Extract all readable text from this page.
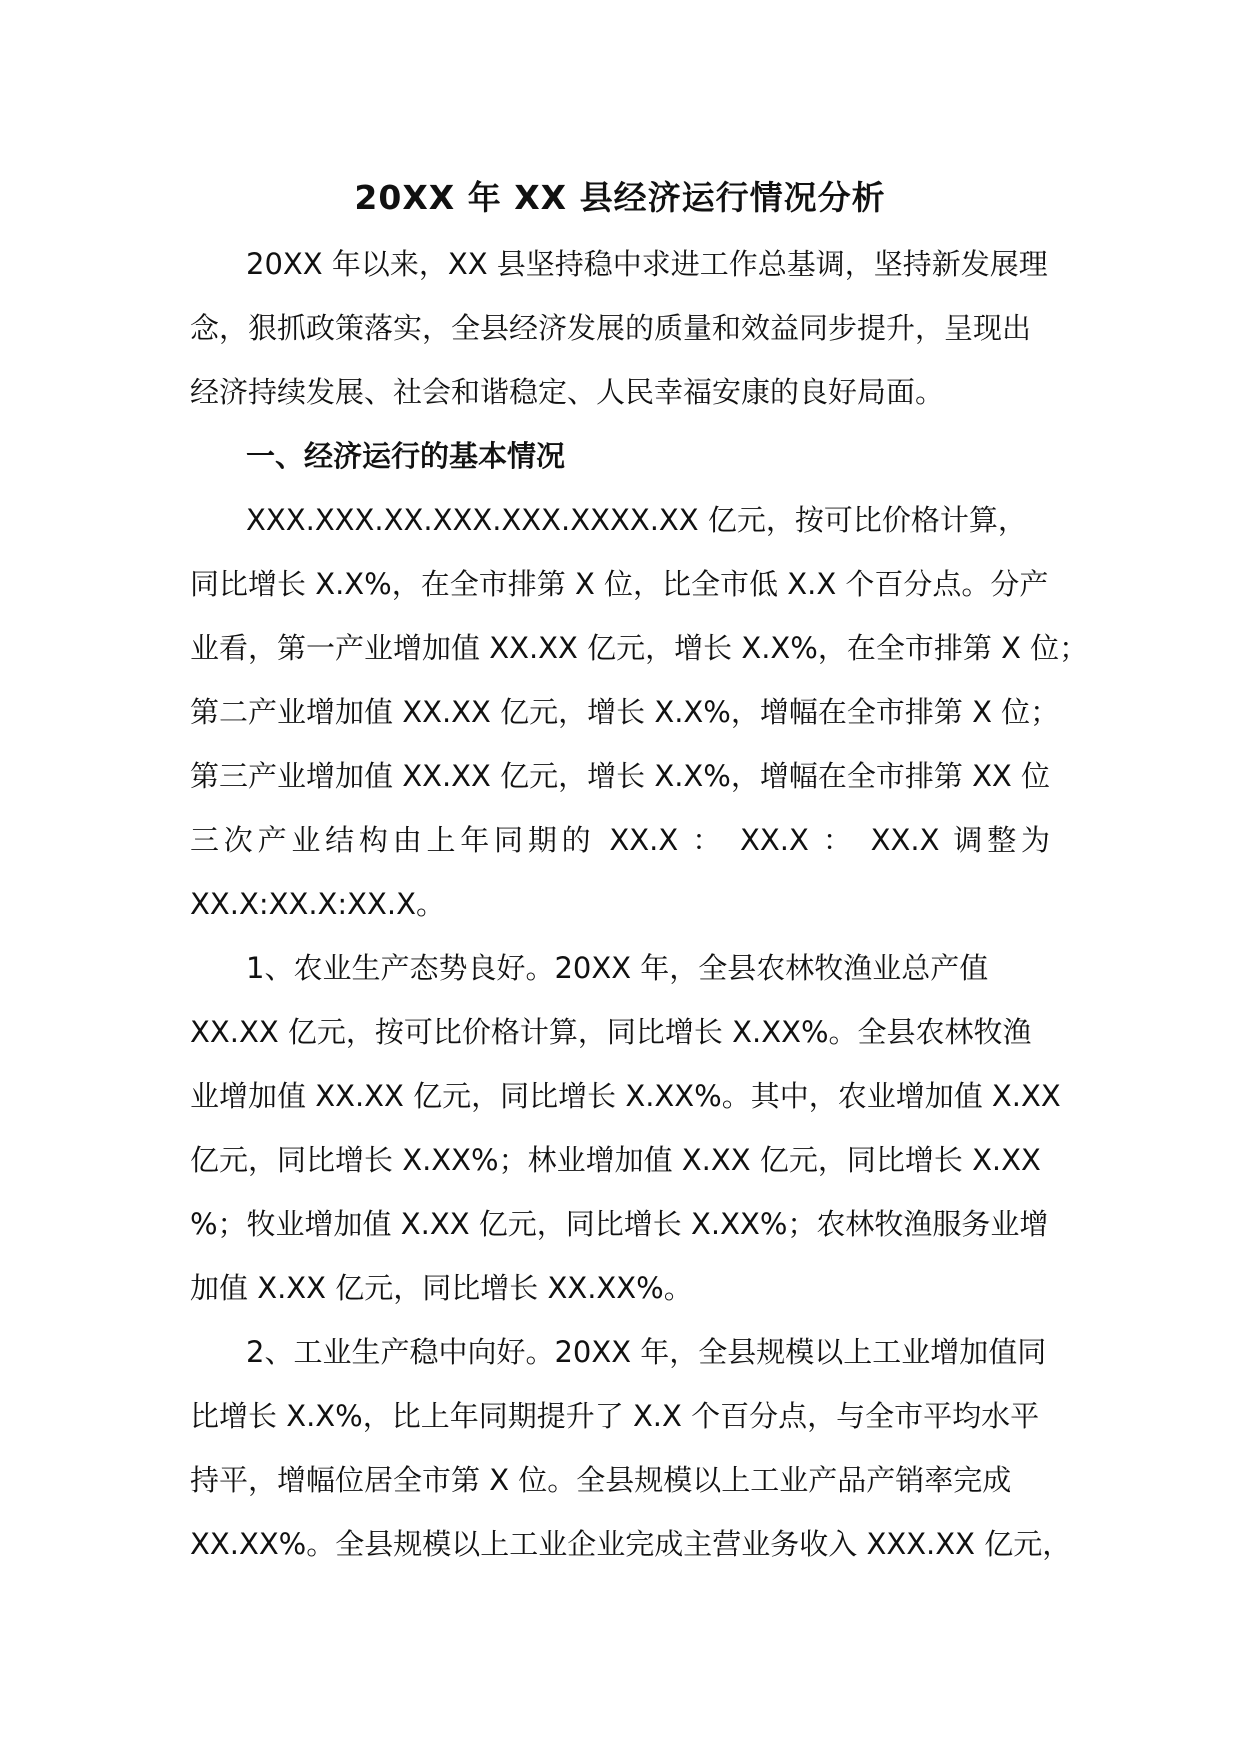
20XX 年 XX 县经济运行情况分析
20XX 年以来，XX 县坚持稳中求进工作总基调，坚持新发展理
念，狠抓政策落实，全县经济发展的质量和效益同步提升，呈现出
经济持续发展、社会和谐稳定、人民幸福安康的良好局面。
一、经济运行的基本情况
XXX.XXX.XX.XXX.XXX.XXXX.XX 亿元，按可比价格计算，
同比增长 X.X%，在全市排第 X 位，比全市低 X.X 个百分点。分产
业看，第一产业增加值 XX.XX 亿元，增长 X.X%，在全市排第 X 位；
第二产业增加值 XX.XX 亿元，增长 X.X%，增幅在全市排第 X 位；
第三产业增加值 XX.XX 亿元，增长 X.X%，增幅在全市排第 XX 位
三次产业结构由上年同期的 XX.X ： XX.X ： XX.X 调整为
XX.X:XX.X:XX.X。
1、农业生产态势良好。20XX 年，全县农林牧渔业总产值
XX.XX 亿元，按可比价格计算，同比增长 X.XX%。全县农林牧渔
业增加值 XX.XX 亿元，同比增长 X.XX%。其中，农业增加值 X.XX
亿元，同比增长 X.XX%；林业增加值 X.XX 亿元，同比增长 X.XX
%；牧业增加值 X.XX 亿元，同比增长 X.XX%；农林牧渔服务业增
加值 X.XX 亿元，同比增长 XX.XX%。
2、工业生产稳中向好。20XX 年，全县规模以上工业增加值同
比增长 X.X%，比上年同期提升了 X.X 个百分点，与全市平均水平
持平，增幅位居全市第 X 位。全县规模以上工业产品产销率完成
XX.XX%。全县规模以上工业企业完成主营业务收入 XXX.XX 亿元，
